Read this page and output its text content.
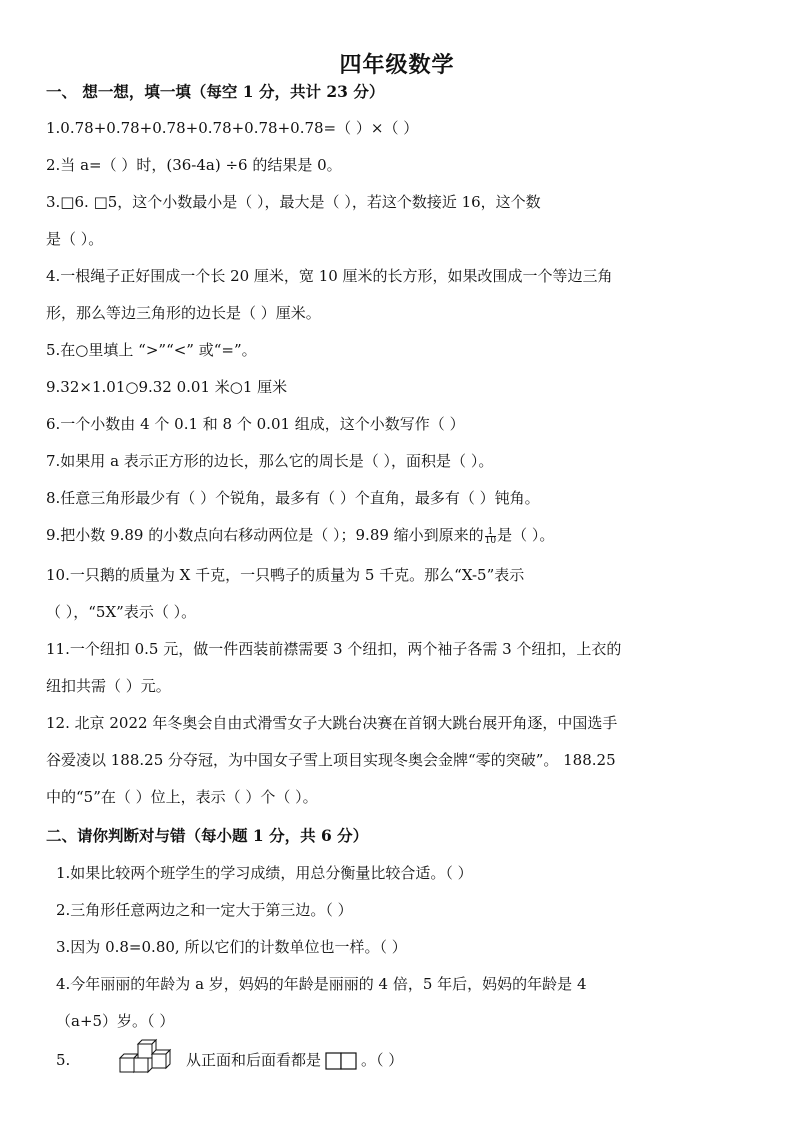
四年级数学
一、 想一想，填一填（每空 1 分，共计 23 分）
1.0.78+0.78+0.78+0.78+0.78+0.78=（ ）×（ ）
2.当 a=（ ）时，(36-4a) ÷6 的结果是 0。
3.□6. □5，这个小数最小是（ ），最大是（ ），若这个数接近 16，这个数
是（ ）。
4.一根绳子正好围成一个长 20 厘米，宽 10 厘米的长方形，如果改围成一个等边三角
形，那么等边三角形的边长是（ ）厘米。
5.在○里填上 “>”“<” 或“=”。
9.32×1.01○9.32 0.01 米○1 厘米
6.一个小数由 4 个 0.1 和 8 个 0.01 组成，这个小数写作（ ）
7.如果用 a 表示正方形的边长，那么它的周长是（ ），面积是（ ）。
8.任意三角形最少有（ ）个锐角，最多有（ ）个直角，最多有（ ）钝角。
9.把小数 9.89 的小数点向右移动两位是（ ）；9.89 缩小到原来的 $\frac{1}{10}$ 是（ ）。
10.一只鹅的质量为 X 千克，一只鸭子的质量为 5 千克。那么“X-5”表示
（ ），“5X”表示（ ）。
11.一个纽扣 0.5 元，做一件西装前襟需要 3 个纽扣，两个袖子各需 3 个纽扣，上衣的
纽扣共需（ ）元。
12. 北京 2022 年冬奥会自由式滑雪女子大跳台决赛在首钢大跳台展开角逐，中国选手
谷爱凌以 188.25 分夺冠，为中国女子雪上项目实现冬奥会金牌“零的突破”。 188.25
中的“5”在（ ）位上，表示（ ）个（ ）。
二、请你判断对与错（每小题 1 分，共 6 分）
1.如果比较两个班学生的学习成绩，用总分衡量比较合适。（ ）
2.三角形任意两边之和一定大于第三边。（ ）
3.因为 0.8=0.80, 所以它们的计数单位也一样。（ ）
4.今年丽丽的年龄为 a 岁，妈妈的年龄是丽丽的 4 倍，5 年后，妈妈的年龄是 4
（a+5）岁。（ ）
5.	从正面和后面看都是	。（ ）
